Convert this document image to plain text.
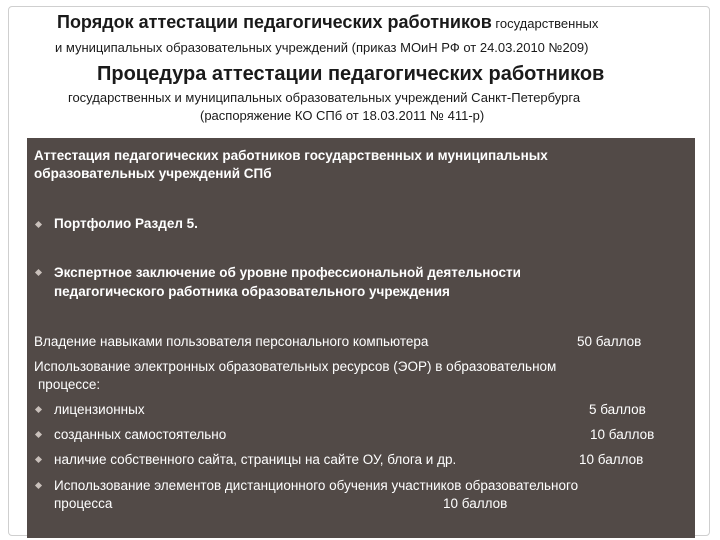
Порядок аттестации педагогических работников государственных
и муниципальных образовательных учреждений (приказ МОиН РФ от 24.03.2010 №209)
Процедура аттестации педагогических работников
государственных и муниципальных образовательных учреждений Санкт-Петербурга
(распоряжение КО СПб от 18.03.2011 № 411-р)
Аттестация педагогических работников государственных и муниципальных
образовательных учреждений СПб
Портфолио Раздел 5.
Экспертное заключение об уровне профессиональной деятельности
педагогического работника образовательного учреждения
Владение навыками пользователя персонального компьютера	50 баллов
Использование электронных образовательных ресурсов (ЭОР) в образовательном
процессе:
лицензионных	5 баллов
созданных самостоятельно	10 баллов
наличие собственного сайта, страницы на сайте ОУ, блога и др.	10 баллов
Использование элементов дистанционного обучения участников образовательного
процесса	10 баллов
